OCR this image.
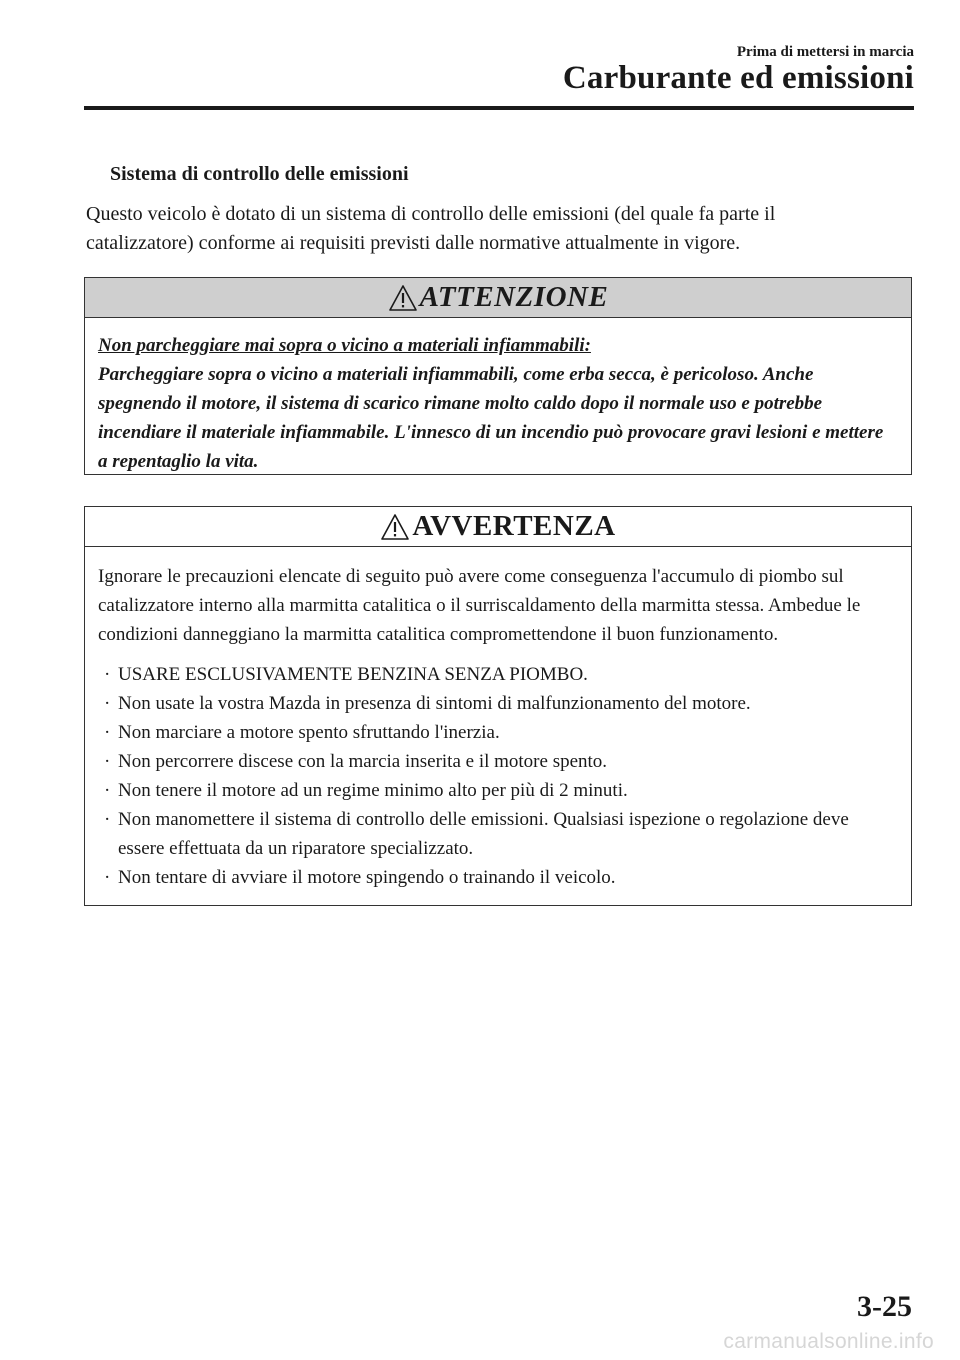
Prima di mettersi in marcia
Carburante ed emissioni
Sistema di controllo delle emissioni
Questo veicolo è dotato di un sistema di controllo delle emissioni (del quale fa parte il catalizzatore) conforme ai requisiti previsti dalle normative attualmente in vigore.
ATTENZIONE
Non parcheggiare mai sopra o vicino a materiali infiammabili:
Parcheggiare sopra o vicino a materiali infiammabili, come erba secca, è pericoloso. Anche spegnendo il motore, il sistema di scarico rimane molto caldo dopo il normale uso e potrebbe incendiare il materiale infiammabile. L'innesco di un incendio può provocare gravi lesioni e mettere a repentaglio la vita.
AVVERTENZA
Ignorare le precauzioni elencate di seguito può avere come conseguenza l'accumulo di piombo sul catalizzatore interno alla marmitta catalitica o il surriscaldamento della marmitta stessa. Ambedue le condizioni danneggiano la marmitta catalitica compromettendone il buon funzionamento.
· USARE ESCLUSIVAMENTE BENZINA SENZA PIOMBO.
· Non usate la vostra Mazda in presenza di sintomi di malfunzionamento del motore.
· Non marciare a motore spento sfruttando l'inerzia.
· Non percorrere discese con la marcia inserita e il motore spento.
· Non tenere il motore ad un regime minimo alto per più di 2 minuti.
· Non manomettere il sistema di controllo delle emissioni. Qualsiasi ispezione o regolazione deve essere effettuata da un riparatore specializzato.
· Non tentare di avviare il motore spingendo o trainando il veicolo.
3-25
carmanualsonline.info
